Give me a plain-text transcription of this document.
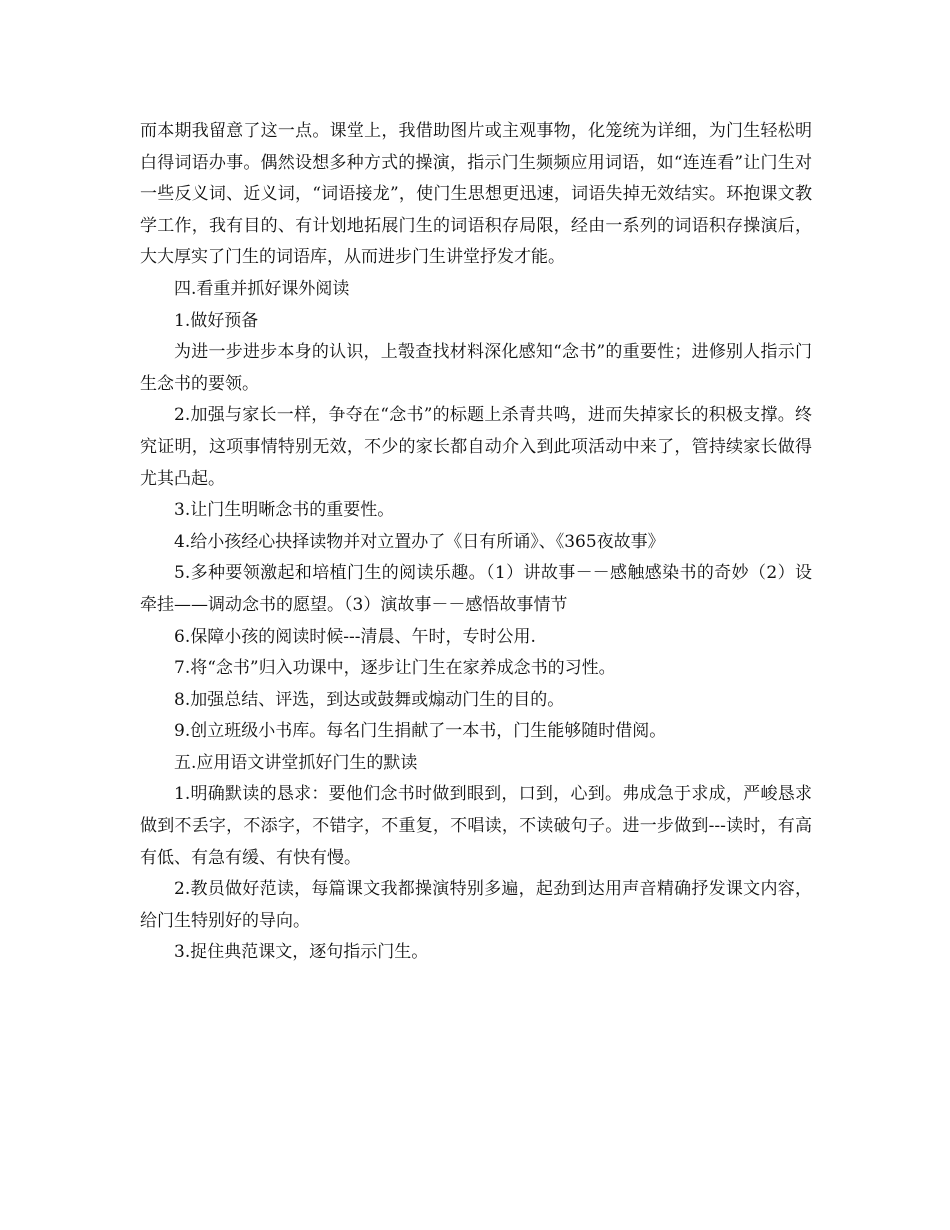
而本期我留意了这一点。课堂上，我借助图片或主观事物，化笼统为详细，为门生轻松明白得词语办事。偶然设想多种方式的操演，指示门生频频应用词语，如“连连看”让门生对一些反义词、近义词，“词语接龙”，使门生思想更迅速，词语失掉无效结实。环抱课文教学工作，我有目的、有计划地拓展门生的词语积存局限，经由一系列的词语积存操演后，大大厚实了门生的词语库，从而进步门生讲堂抒发才能。

四.看重并抓好课外阅读

1.做好预备

为进一步进步本身的认识，上彀查找材料深化感知“念书”的重要性；进修别人指示门生念书的要领。

2.加强与家长一样，争夺在“念书”的标题上杀青共鸣，进而失掉家长的积极支撑。终究证明，这项事情特别无效，不少的家长都自动介入到此项活动中来了，管持续家长做得尤其凸起。

3.让门生明晰念书的重要性。

4.给小孩经心抉择读物并对立置办了《日有所诵》、《365夜故事》

5.多种要领激起和培植门生的阅读乐趣。（1）讲故事－－感触感染书的奇妙（2）设牵挂——调动念书的愿望。（3）演故事－－感悟故事情节

6.保障小孩的阅读时候---清晨、午时，专时公用.

7.将“念书”归入功课中，逐步让门生在家养成念书的习性。

8.加强总结、评选，到达或鼓舞或煽动门生的目的。

9.创立班级小书库。每名门生捐献了一本书，门生能够随时借阅。

五.应用语文讲堂抓好门生的默读

1.明确默读的恳求：要他们念书时做到眼到，口到，心到。弗成急于求成，严峻恳求做到不丢字，不添字，不错字，不重复，不唱读，不读破句子。进一步做到---读时，有高有低、有急有缓、有快有慢。

2.教员做好范读，每篇课文我都操演特别多遍，起劲到达用声音精确抒发课文内容，给门生特别好的导向。

3.捉住典范课文，逐句指示门生。
